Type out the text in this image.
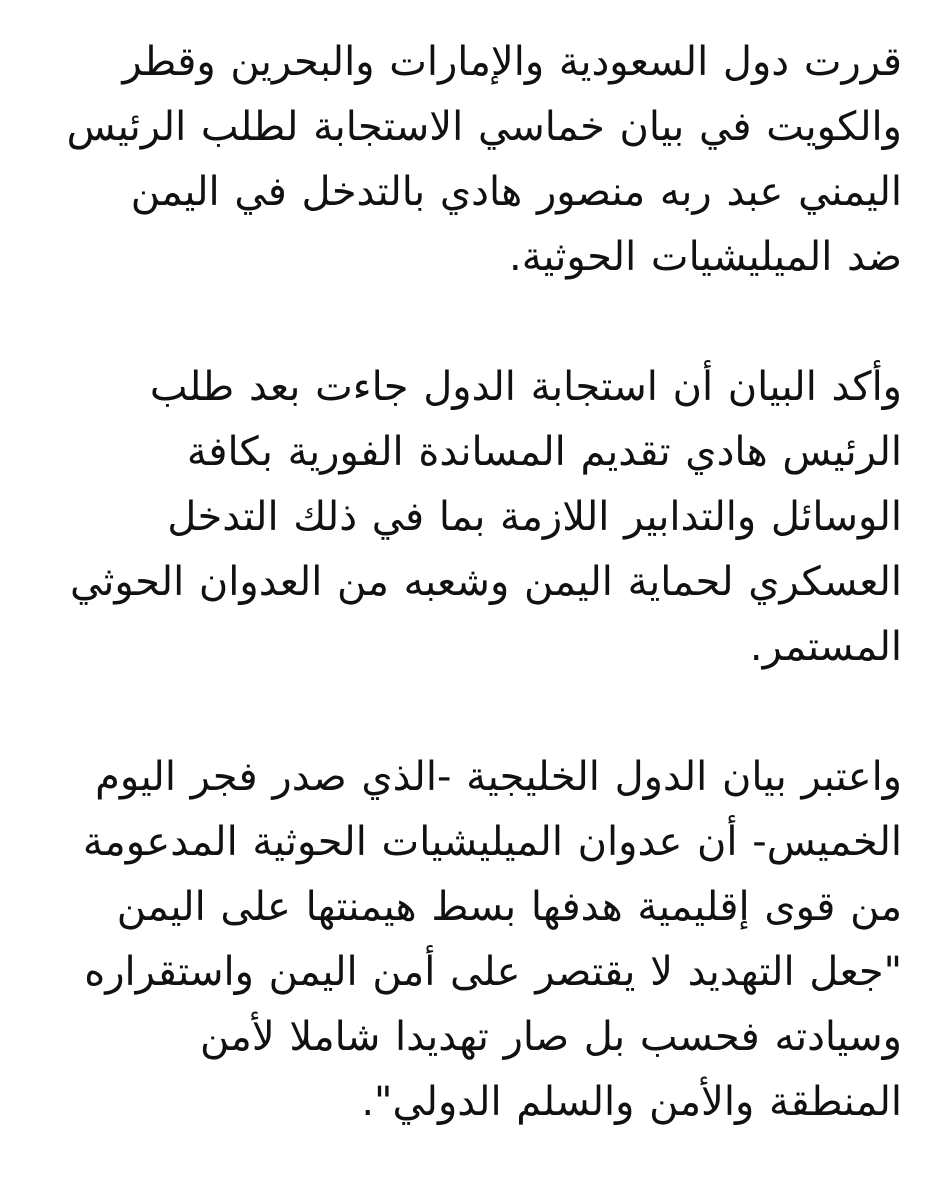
قررت دول السعودية والإمارات والبحرين وقطر
والكويت في بيان خماسي الاستجابة لطلب الرئيس
اليمني عبد ربه منصور هادي بالتدخل في اليمن
ضد الميليشيات الحوثية.
وأكد البيان أن استجابة الدول جاءت بعد طلب
الرئيس هادي تقديم المساندة الفورية بكافة
الوسائل والتدابير اللازمة بما في ذلك التدخل
العسكري لحماية اليمن وشعبه من العدوان الحوثي
المستمر.
واعتبر بيان الدول الخليجية -الذي صدر فجر اليوم
الخميس- أن عدوان الميليشيات الحوثية المدعومة
من قوى إقليمية هدفها بسط هيمنتها على اليمن
"جعل التهديد لا يقتصر على أمن اليمن واستقراره
وسيادته فحسب بل صار تهديدا شاملا لأمن
المنطقة والأمن والسلم الدولي".
